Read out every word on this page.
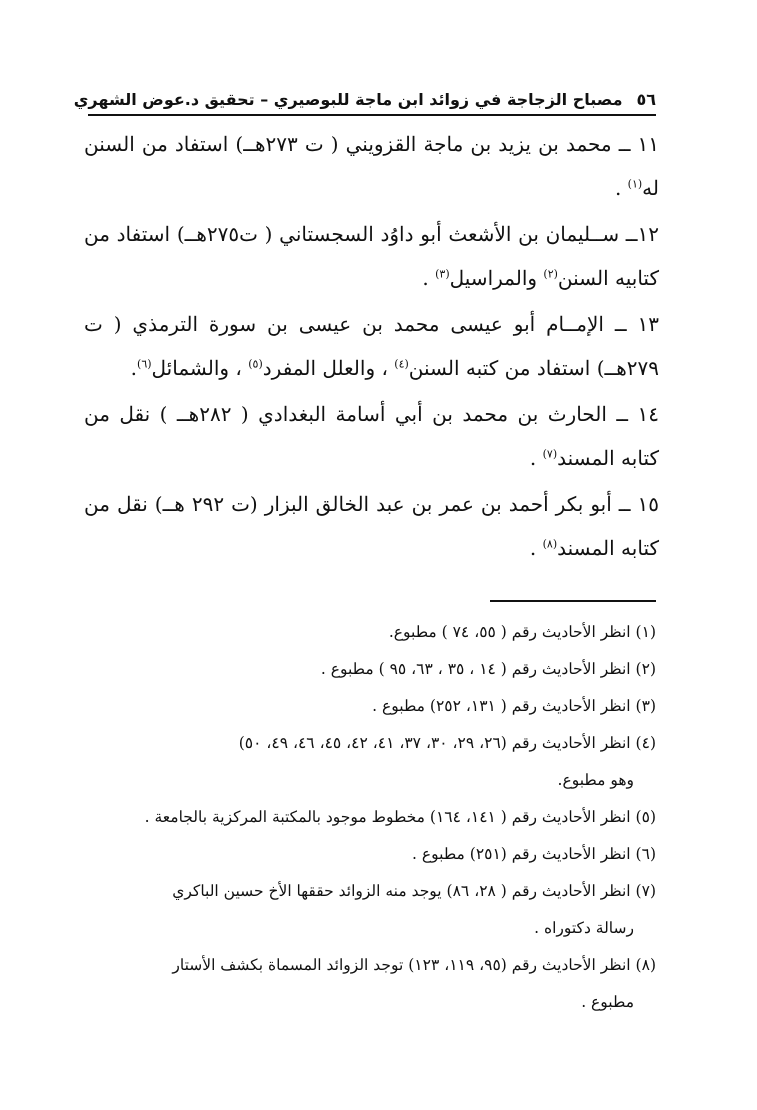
٥٦
مصباح الزجاجة في زوائد ابن ماجة للبوصيري – تحقيق د.عوض الشهري

١١ ــ محمد بن يزيد بن ماجة القزويني ( ت ٢٧٣هــ) استفاد من السنن له$^{(١)}$ .

١٢ــ ســليمان بن الأشعث أبو داوُد السجستاني ( ت٢٧٥هــ) استفاد من كتابيه السنن$^{(٢)}$ والمراسيل$^{(٣)}$ .

١٣ ــ الإمــام أبو عيسى محمد بن عيسى بن سورة الترمذي ( ت ٢٧٩هــ) استفاد من كتبه السنن$^{(٤)}$ ، والعلل المفرد$^{(٥)}$ ، والشمائل$^{(٦)}$.

١٤ ــ الحارث بن محمد بن أبي أسامة البغدادي ( ٢٨٢هــ ) نقل من كتابه المسند$^{(٧)}$ .

١٥ ــ أبو بكر أحمد بن عمر بن عبد الخالق البزار (ت ٢٩٢ هــ) نقل من كتابه المسند$^{(٨)}$ .

(١) انظر الأحاديث رقم ( ٥٥، ٧٤ ) مطبوع.

(٢) انظر الأحاديث رقم ( ١٤ ، ٣٥ ، ٦٣، ٩٥ ) مطبوع .

(٣) انظر الأحاديث رقم ( ١٣١، ٢٥٢) مطبوع .

(٤) انظر الأحاديث رقم (٢٦، ٢٩، ٣٠، ٣٧، ٤١، ٤٢، ٤٥، ٤٦، ٤٩، ٥٠)
وهو مطبوع.

(٥) انظر الأحاديث رقم ( ١٤١، ١٦٤) مخطوط موجود بالمكتبة المركزية بالجامعة .

(٦) انظر الأحاديث رقم (٢٥١) مطبوع .

(٧) انظر الأحاديث رقم ( ٢٨، ٨٦) يوجد منه الزوائد حققها الأخ حسين الباكري
رسالة دكتوراه .

(٨) انظر الأحاديث رقم (٩٥، ١١٩، ١٢٣) توجد الزوائد المسماة بكشف الأستار
مطبوع .
